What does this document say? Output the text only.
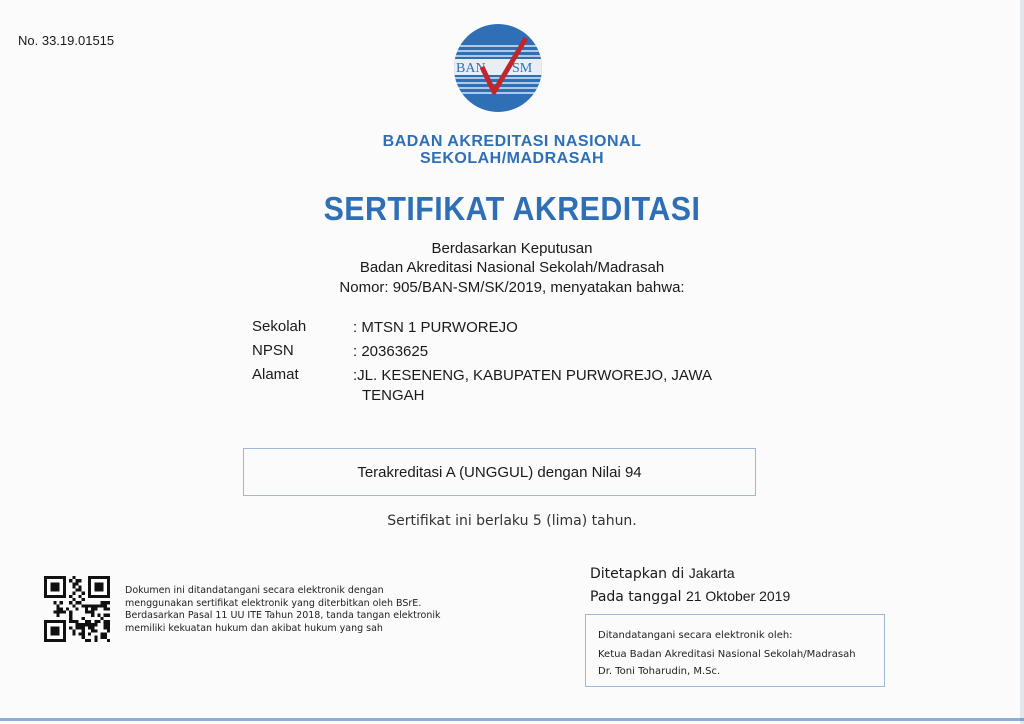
No. 33.19.01515
BAN SM
BADAN AKREDITASI NASIONAL
SEKOLAH/MADRASAH
SERTIFIKAT AKREDITASI
Berdasarkan Keputusan
Badan Akreditasi Nasional Sekolah/Madrasah
Nomor: 905/BAN-SM/SK/2019, menyatakan bahwa:
Sekolah	: MTSN 1 PURWOREJO
NPSN	: 20363625
Alamat	:JL. KESENENG, KABUPATEN PURWOREJO, JAWA
TENGAH
Terakreditasi A (UNGGUL) dengan Nilai 94
Sertifikat ini berlaku 5 (lima) tahun.
Dokumen ini ditandatangani secara elektronik dengan
menggunakan sertifikat elektronik yang diterbitkan oleh BSrE.
Berdasarkan Pasal 11 UU ITE Tahun 2018, tanda tangan elektronik
memiliki kekuatan hukum dan akibat hukum yang sah
Ditetapkan di Jakarta
Pada tanggal 21 Oktober 2019
Ditandatangani secara elektronik oleh:
Ketua Badan Akreditasi Nasional Sekolah/Madrasah
Dr. Toni Toharudin, M.Sc.
